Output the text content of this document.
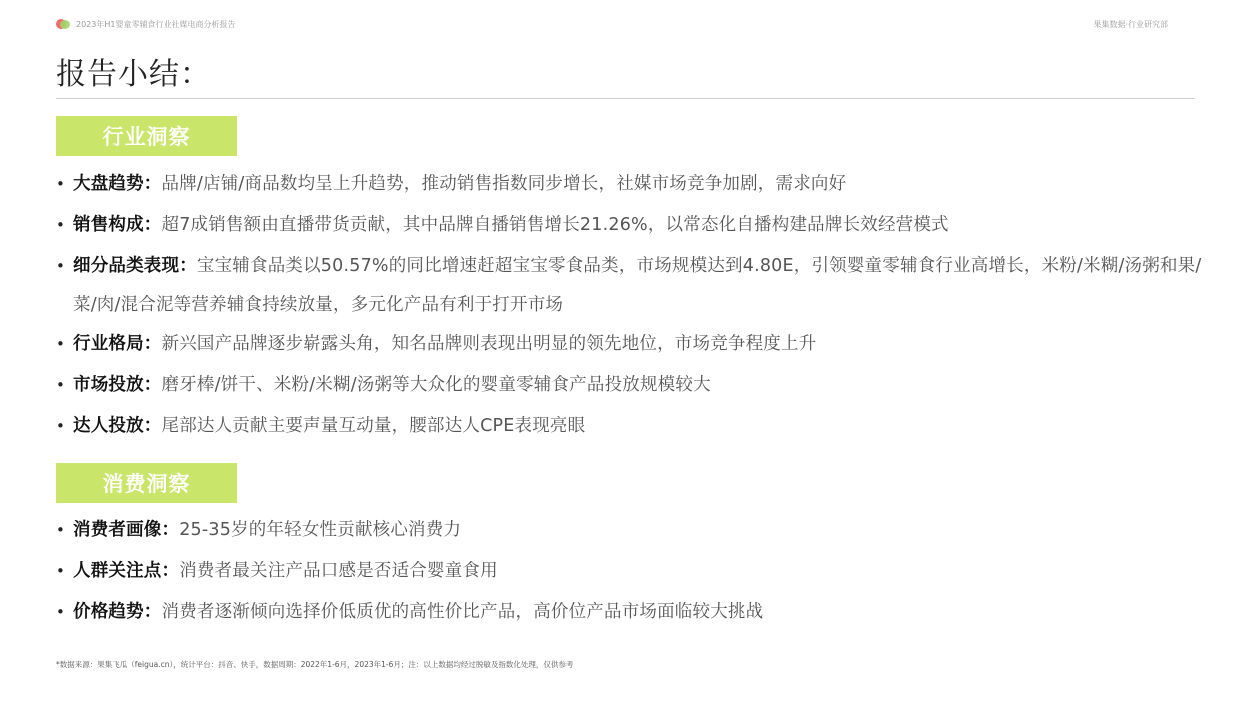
2023年H1婴童零辅食行业社媒电商分析报告	果集数据·行业研究部
报告小结：
行业洞察
• 大盘趋势：品牌/店铺/商品数均呈上升趋势，推动销售指数同步增长，社媒市场竞争加剧，需求向好
• 销售构成：超7成销售额由直播带货贡献，其中品牌自播销售增长21.26%，以常态化自播构建品牌长效经营模式
• 细分品类表现：宝宝辅食品类以50.57%的同比增速赶超宝宝零食品类，市场规模达到4.80E，引领婴童零辅食行业高增长，米粉/米糊/汤粥和果/菜/肉/混合泥等营养辅食持续放量，多元化产品有利于打开市场
• 行业格局：新兴国产品牌逐步崭露头角，知名品牌则表现出明显的领先地位，市场竞争程度上升
• 市场投放：磨牙棒/饼干、米粉/米糊/汤粥等大众化的婴童零辅食产品投放规模较大
• 达人投放：尾部达人贡献主要声量互动量，腰部达人CPE表现亮眼
消费洞察
• 消费者画像：25-35岁的年轻女性贡献核心消费力
• 人群关注点：消费者最关注产品口感是否适合婴童食用
• 价格趋势：消费者逐渐倾向选择价低质优的高性价比产品，高价位产品市场面临较大挑战
*数据来源：果集飞瓜（feigua.cn），统计平台：抖音、快手，数据周期：2022年1-6月，2023年1-6月；注：以上数据均经过脱敏及指数化处理，仅供参考
